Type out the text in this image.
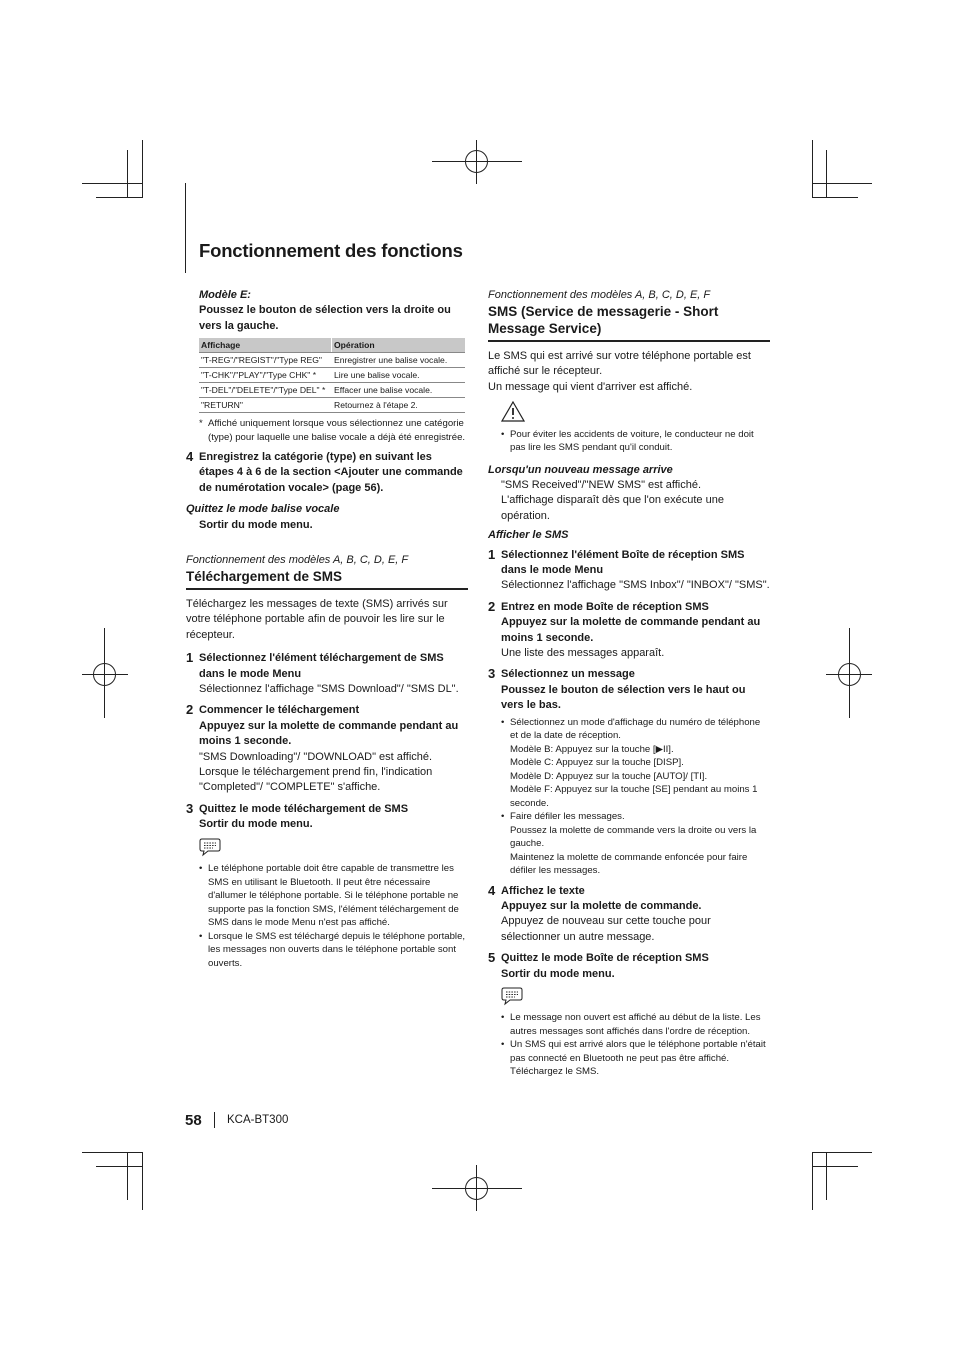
Fonctionnement des fonctions

Modèle E:

Poussez le bouton de sélection vers la droite ou vers la gauche.

Affichage	Opération
"T-REG"/"REGIST"/"Type REG"	Enregistrer une balise vocale.
"T-CHK"/"PLAY"/"Type CHK" *	Lire une balise vocale.
"T-DEL"/"DELETE"/"Type DEL" *	Effacer une balise vocale.
"RETURN"	Retournez à l'étape 2.
* Affiché uniquement lorsque vous sélectionnez une catégorie (type) pour laquelle une balise vocale a déjà été enregistrée.
4 Enregistrez la catégorie (type) en suivant les étapes 4 à 6 de la section <Ajouter une commande de numérotation vocale> (page 56).

Quittez le mode balise vocale

Sortir du mode menu.

Fonctionnement des modèles A, B, C, D, E, F

Téléchargement de SMS

Téléchargez les messages de texte (SMS) arrivés sur votre téléphone portable afin de pouvoir les lire sur le récepteur.

1 Sélectionnez l'élément téléchargement de SMS dans le mode Menu

Sélectionnez l'affichage "SMS Download"/ "SMS DL".

2 Commencer le téléchargement

Appuyez sur la molette de commande pendant au moins 1 seconde.

"SMS Downloading"/ "DOWNLOAD" est affiché. Lorsque le téléchargement prend fin, l'indication "Completed"/ "COMPLETE" s'affiche.

3 Quittez le mode téléchargement de SMS

Sortir du mode menu.

• Le téléphone portable doit être capable de transmettre les SMS en utilisant le Bluetooth. Il peut être nécessaire d'allumer le téléphone portable. Si le téléphone portable ne supporte pas la fonction SMS, l'élément téléchargement de SMS dans le mode Menu n'est pas affiché.
• Lorsque le SMS est téléchargé depuis le téléphone portable, les messages non ouverts dans le téléphone portable sont ouverts.

Fonctionnement des modèles A, B, C, D, E, F

SMS (Service de messagerie - Short Message Service)

Le SMS qui est arrivé sur votre téléphone portable est affiché sur le récepteur.

Un message qui vient d'arriver est affiché.

• Pour éviter les accidents de voiture, le conducteur ne doit pas lire les SMS pendant qu'il conduit.

Lorsqu'un nouveau message arrive

"SMS Received"/"NEW SMS" est affiché.

L'affichage disparaît dès que l'on exécute une opération.

Afficher le SMS

1 Sélectionnez l'élément Boîte de réception SMS dans le mode Menu

Sélectionnez l'affichage "SMS Inbox"/ "INBOX"/ "SMS".

2 Entrez en mode Boîte de réception SMS

Appuyez sur la molette de commande pendant au moins 1 seconde.

Une liste des messages apparaît.

3 Sélectionnez un message

Poussez le bouton de sélection vers le haut ou vers le bas.

• Sélectionnez un mode d'affichage du numéro de téléphone et de la date de réception.
Modèle B: Appuyez sur la touche [▶II].
Modèle C: Appuyez sur la touche [DISP].
Modèle D: Appuyez sur la touche [AUTO]/ [TI].
Modèle F: Appuyez sur la touche [SE] pendant au moins 1 seconde.
• Faire défiler les messages.
Poussez la molette de commande vers la droite ou vers la gauche.
Maintenez la molette de commande enfoncée pour faire défiler les messages.
4 Affichez le texte

Appuyez sur la molette de commande.

Appuyez de nouveau sur cette touche pour sélectionner un autre message.

5 Quittez le mode Boîte de réception SMS

Sortir du mode menu.

• Le message non ouvert est affiché au début de la liste. Les autres messages sont affichés dans l'ordre de réception.
• Un SMS qui est arrivé alors que le téléphone portable n'était pas connecté en Bluetooth ne peut pas être affiché. Téléchargez le SMS.
58 KCA-BT300
